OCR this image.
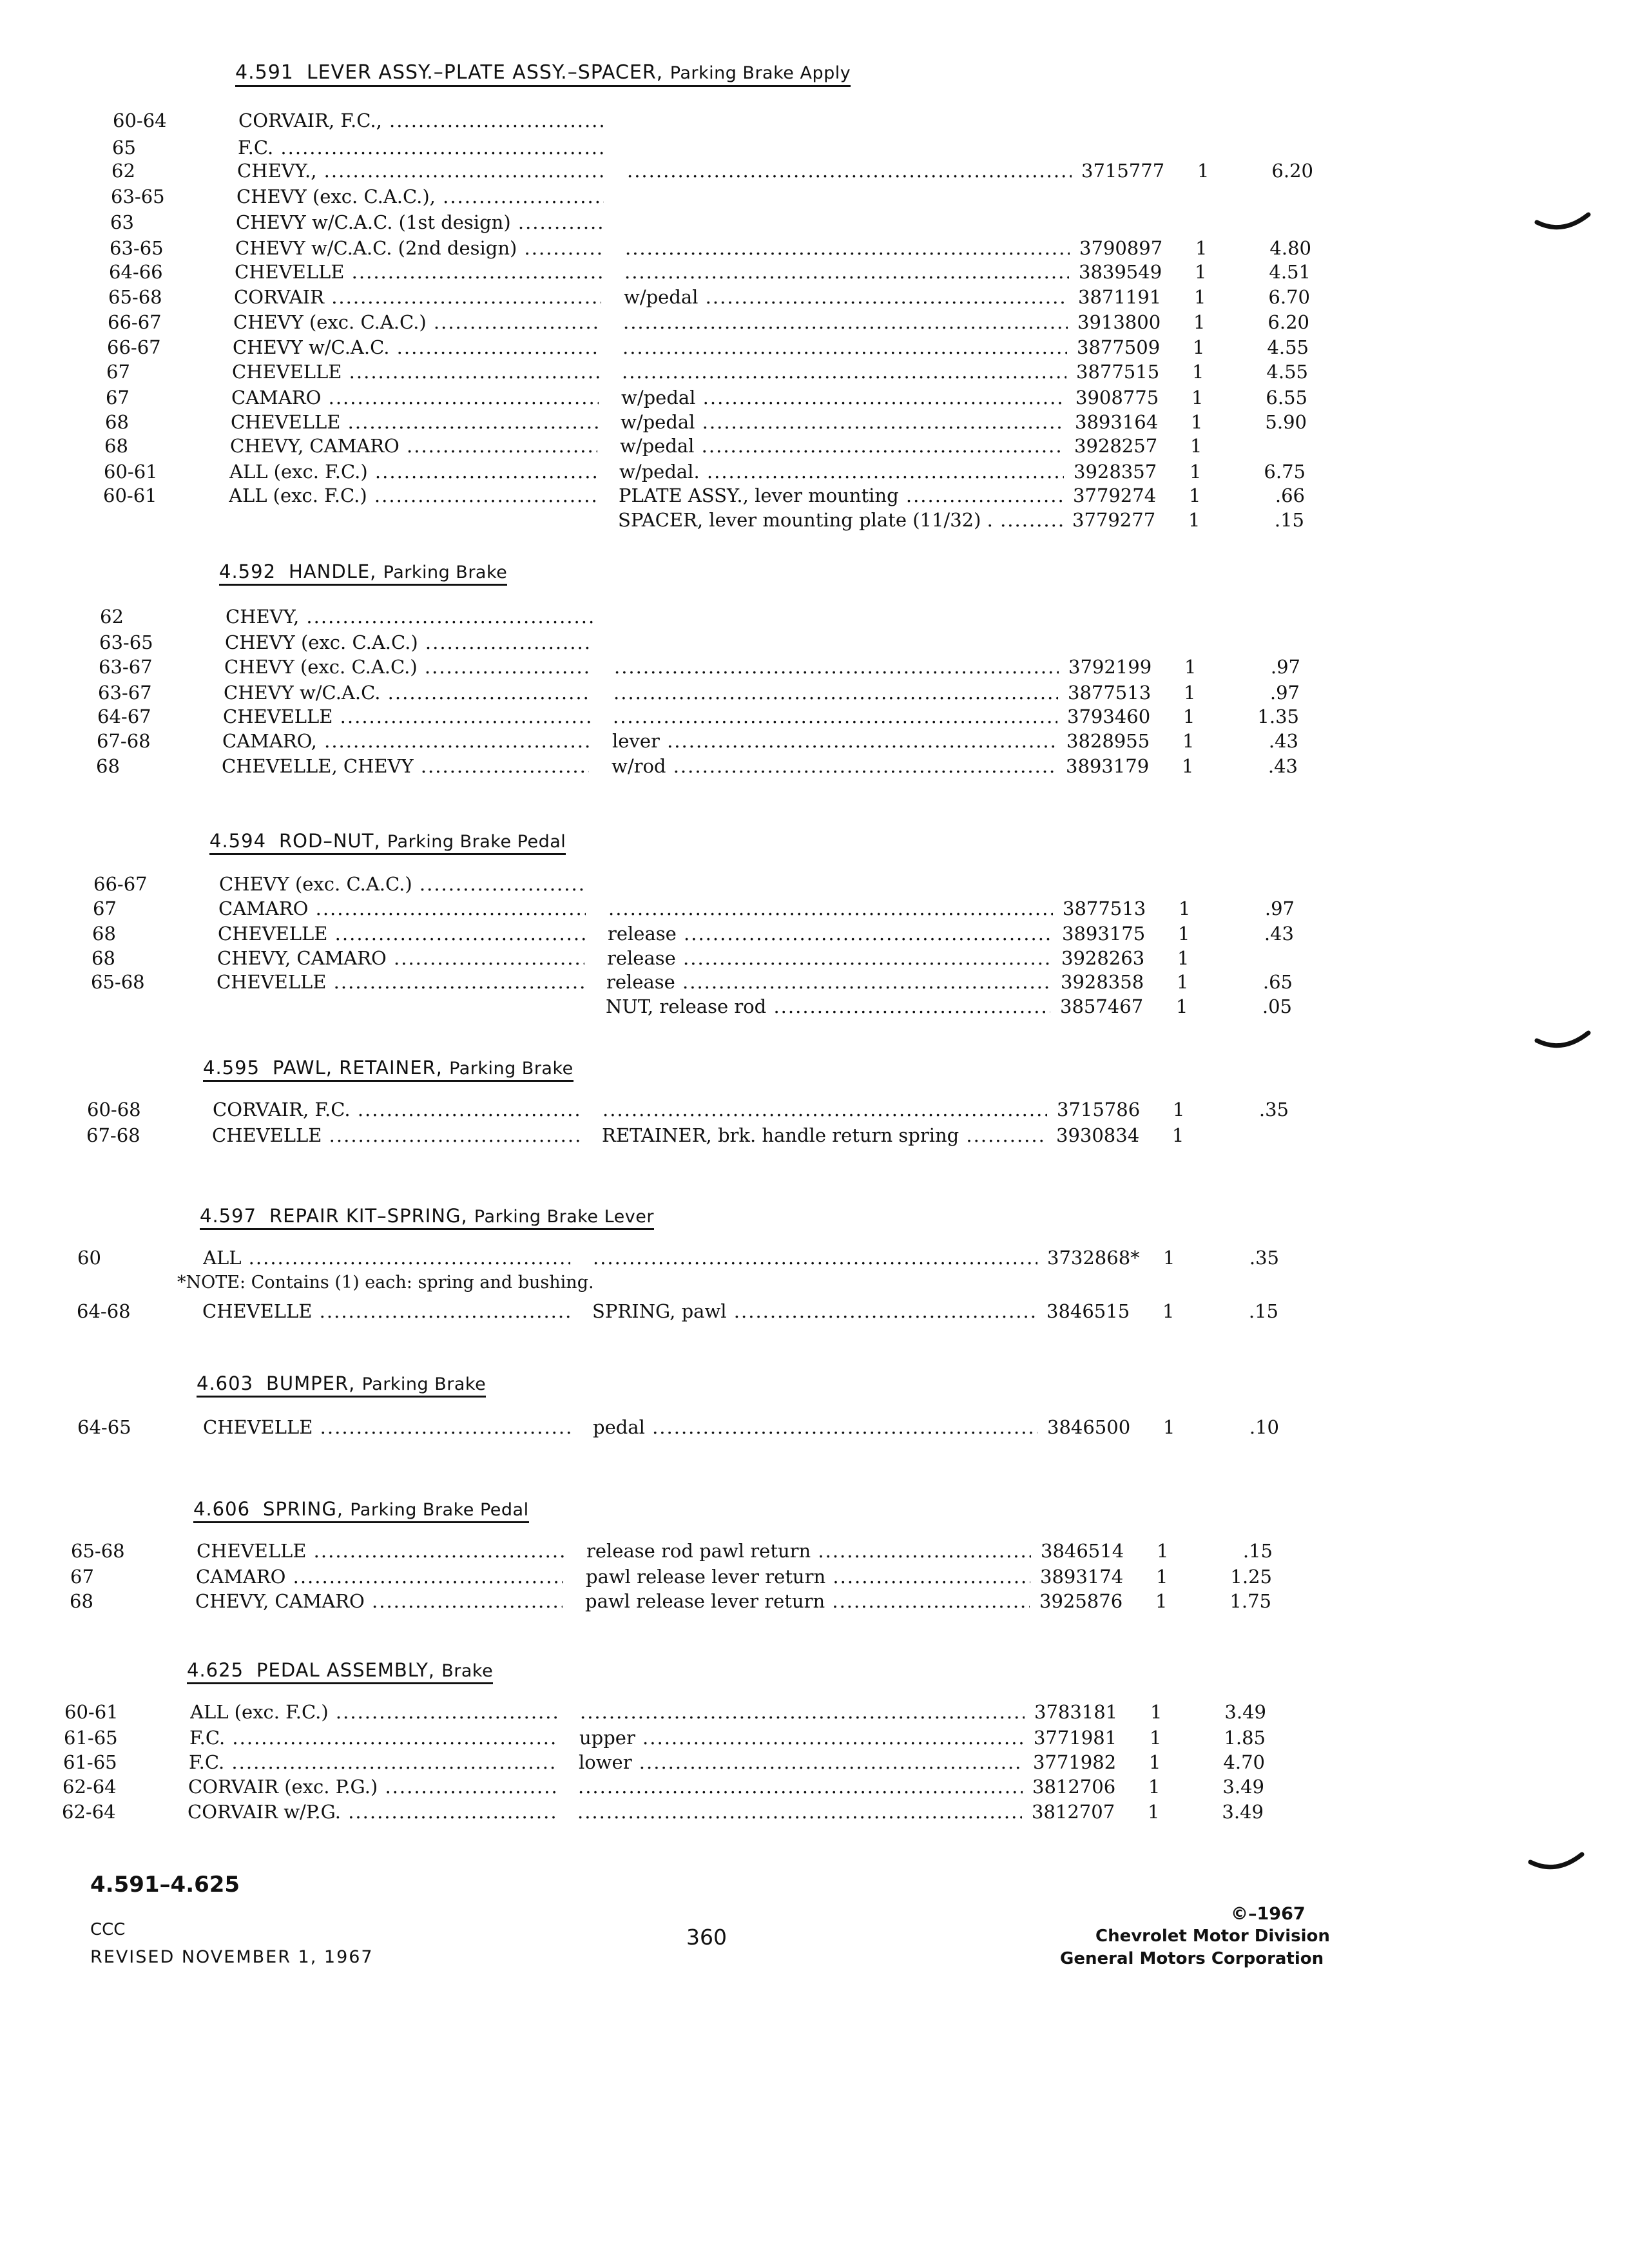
4.591 LEVER ASSY.–PLATE ASSY.–SPACER, Parking Brake Apply
60-64	CORVAIR, F.C., .....
65	F.C. .....
62	CHEVY., ..... .....	3715777	1	6.20
63-65	CHEVY (exc. C.A.C.), .....
63	CHEVY w/C.A.C. (1st design) .....
63-65	CHEVY w/C.A.C. (2nd design) ..... .....	3790897	1	4.80
64-66	CHEVELLE ..... .....	3839549	1	4.51
65-68	CORVAIR .....	w/pedal .....	3871191	1	6.70
66-67	CHEVY (exc. C.A.C.) ..... .....	3913800	1	6.20
66-67	CHEVY w/C.A.C. ..... .....	3877509	1	4.55
67	CHEVELLE ..... .....	3877515	1	4.55
67	CAMARO .....	w/pedal .....	3908775	1	6.55
68	CHEVELLE .....	w/pedal .....	3893164	1	5.90
68	CHEVY, CAMARO .....	w/pedal .....	3928257	1
60-61	ALL (exc. F.C.) .....	w/pedal. .....	3928357	1	6.75
60-61	ALL (exc. F.C.) .....	PLATE ASSY., lever mounting .....	3779274	1	.66
SPACER, lever mounting plate (11/32) . .....	3779277	1	.15
4.592 HANDLE, Parking Brake
62	CHEVY, .....
63-65	CHEVY (exc. C.A.C.) .....
63-67	CHEVY (exc. C.A.C.) ..... .....	3792199	1	.97
63-67	CHEVY w/C.A.C. ..... .....	3877513	1	.97
64-67	CHEVELLE ..... .....	3793460	1	1.35
67-68	CAMARO, .....	lever .....	3828955	1	.43
68	CHEVELLE, CHEVY .....	w/rod .....	3893179	1	.43
4.594 ROD–NUT, Parking Brake Pedal
66-67	CHEVY (exc. C.A.C.) .....
67	CAMARO ..... .....	3877513	1	.97
68	CHEVELLE .....	release .....	3893175	1	.43
68	CHEVY, CAMARO .....	release .....	3928263	1
65-68	CHEVELLE .....	release .....	3928358	1	.65
NUT, release rod .....	3857467	1	.05
4.595 PAWL, RETAINER, Parking Brake
60-68	CORVAIR, F.C. ..... .....	3715786	1	.35
67-68	CHEVELLE .....	RETAINER, brk. handle return spring .....	3930834	1
4.597 REPAIR KIT–SPRING, Parking Brake Lever
60	ALL ..... .....	3732868*	1	.35
64-68	CHEVELLE .....	SPRING, pawl .....	3846515	1	.15
*NOTE: Contains (1) each: spring and bushing.
4.603 BUMPER, Parking Brake
64-65	CHEVELLE .....	pedal .....	3846500	1	.10
4.606 SPRING, Parking Brake Pedal
65-68	CHEVELLE .....	release rod pawl return .....	3846514	1	.15
67	CAMARO .....	pawl release lever return .....	3893174	1	1.25
68	CHEVY, CAMARO .....	pawl release lever return .....	3925876	1	1.75
4.625 PEDAL ASSEMBLY, Brake
60-61	ALL (exc. F.C.) ..... .....	3783181	1	3.49
61-65	F.C. .....	upper .....	3771981	1	1.85
61-65	F.C. .....	lower .....	3771982	1	4.70
62-64	CORVAIR (exc. P.G.) ..... .....	3812706	1	3.49
62-64	CORVAIR w/P.G. ..... .....	3812707	1	3.49
4.591–4.625
CCC
REVISED NOVEMBER 1, 1967
360
©–1967
Chevrolet Motor Division
General Motors Corporation
